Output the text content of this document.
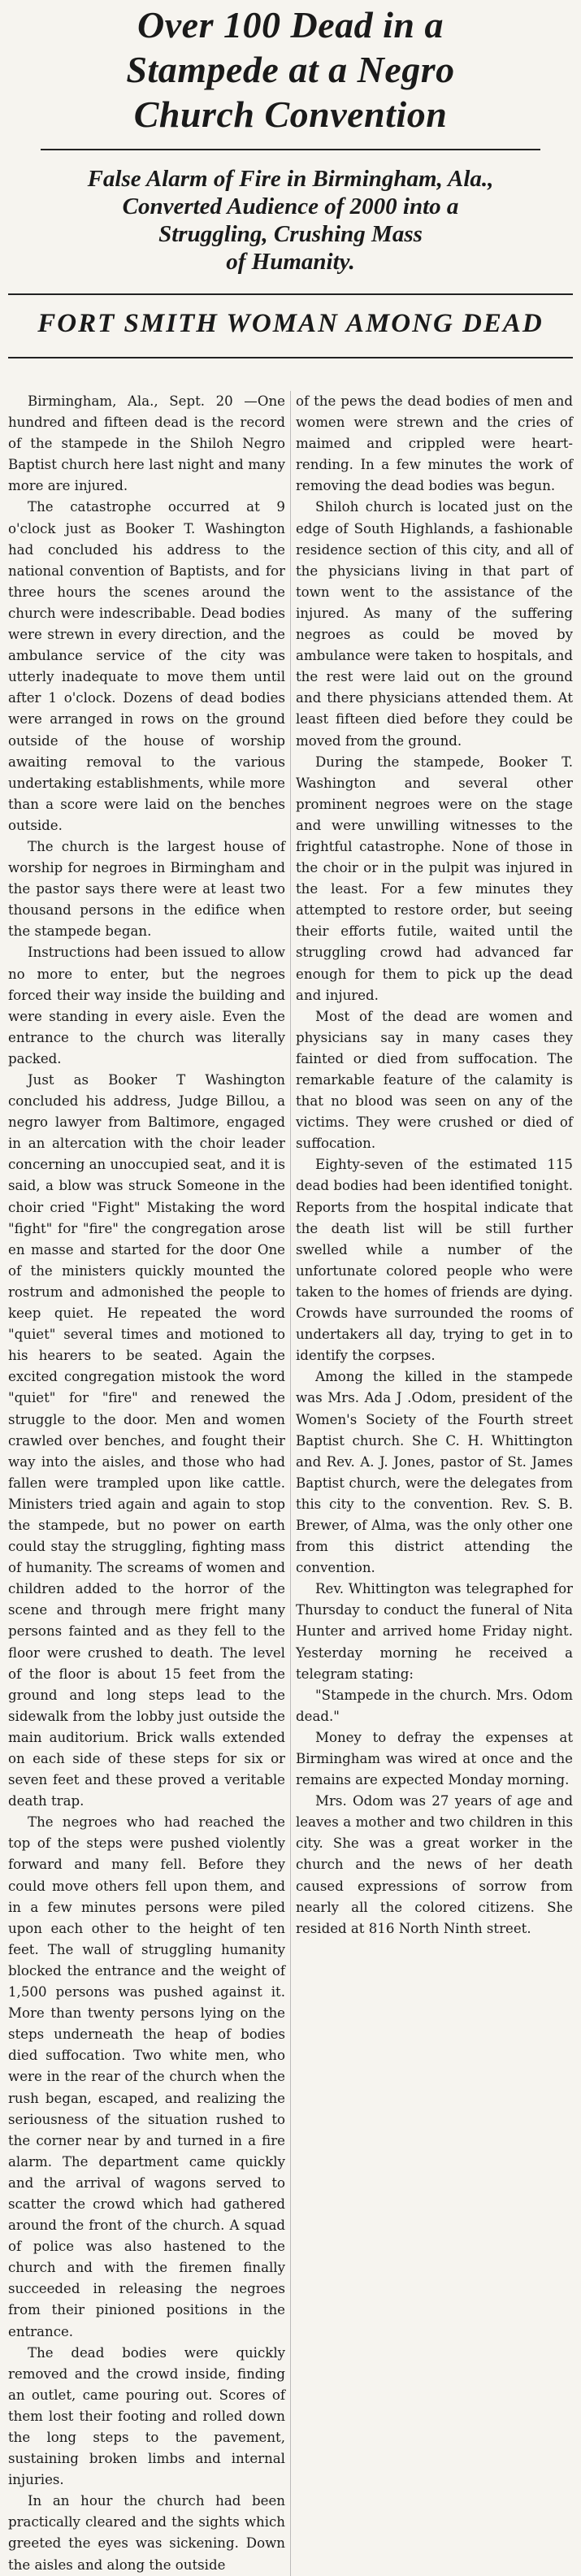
Over 100 Dead in a
Stampede at a Negro
Church Convention
False Alarm of Fire in Birmingham, Ala.,
Converted Audience of 2000 into a
Struggling, Crushing Mass
of Humanity.
FORT SMITH WOMAN AMONG DEAD

Birmingham, Ala., Sept. 20 —One hundred and fifteen dead is the record of the stampede in the Shiloh Negro Baptist church here last night and many more are injured.

The catastrophe occurred at 9 o'clock just as Booker T. Washington had concluded his address to the national convention of Baptists, and for three hours the scenes around the church were indescribable. Dead bodies were strewn in every direction, and the ambulance service of the city was utterly inadequate to move them until after 1 o'clock. Dozens of dead bodies were arranged in rows on the ground outside of the house of worship awaiting removal to the various undertaking establishments, while more than a score were laid on the benches outside.

The church is the largest house of worship for negroes in Birmingham and the pastor says there were at least two thousand persons in the edifice when the stampede began.

Instructions had been issued to allow no more to enter, but the negroes forced their way inside the building and were standing in every aisle. Even the entrance to the church was literally packed.

Just as Booker T Washington concluded his address, Judge Billou, a negro lawyer from Baltimore, engaged in an altercation with the choir leader concerning an unoccupied seat, and it is said, a blow was struck Someone in the choir cried "Fight" Mistaking the word "fight" for "fire" the congregation arose en masse and started for the door One of the ministers quickly mounted the rostrum and admonished the people to keep quiet. He repeated the word "quiet" several times and motioned to his hearers to be seated. Again the excited congregation mistook the word "quiet" for "fire" and renewed the struggle to the door. Men and women crawled over benches, and fought their way into the aisles, and those who had fallen were trampled upon like cattle. Ministers tried again and again to stop the stampede, but no power on earth could stay the struggling, fighting mass of humanity. The screams of women and children added to the horror of the scene and through mere fright many persons fainted and as they fell to the floor were crushed to death. The level of the floor is about 15 feet from the ground and long steps lead to the sidewalk from the lobby just outside the main auditorium. Brick walls extended on each side of these steps for six or seven feet and these proved a veritable death trap.

The negroes who had reached the top of the steps were pushed violently forward and many fell. Before they could move others fell upon them, and in a few minutes persons were piled upon each other to the height of ten feet. The wall of struggling humanity blocked the entrance and the weight of 1,500 persons was pushed against it. More than twenty persons lying on the steps underneath the heap of bodies died suffocation. Two white men, who were in the rear of the church when the rush began, escaped, and realizing the seriousness of the situation rushed to the corner near by and turned in a fire alarm. The department came quickly and the arrival of wagons served to scatter the crowd which had gathered around the front of the church. A squad of police was also hastened to the church and with the firemen finally succeeded in releasing the negroes from their pinioned positions in the entrance.

The dead bodies were quickly removed and the crowd inside, finding an outlet, came pouring out. Scores of them lost their footing and rolled down the long steps to the pavement, sustaining broken limbs and internal injuries.

In an hour the church had been practically cleared and the sights which greeted the eyes was sickening. Down the aisles and along the outside

of the pews the dead bodies of men and women were strewn and the cries of maimed and crippled were heart-rending. In a few minutes the work of removing the dead bodies was begun.

Shiloh church is located just on the edge of South Highlands, a fashionable residence section of this city, and all of the physicians living in that part of town went to the assistance of the injured. As many of the suffering negroes as could be moved by ambulance were taken to hospitals, and the rest were laid out on the ground and there physicians attended them. At least fifteen died before they could be moved from the ground.

During the stampede, Booker T. Washington and several other prominent negroes were on the stage and were unwilling witnesses to the frightful catastrophe. None of those in the choir or in the pulpit was injured in the least. For a few minutes they attempted to restore order, but seeing their efforts futile, waited until the struggling crowd had advanced far enough for them to pick up the dead and injured.

Most of the dead are women and physicians say in many cases they fainted or died from suffocation. The remarkable feature of the calamity is that no blood was seen on any of the victims. They were crushed or died of suffocation.

Eighty-seven of the estimated 115 dead bodies had been identified tonight. Reports from the hospital indicate that the death list will be still further swelled while a number of the unfortunate colored people who were taken to the homes of friends are dying. Crowds have surrounded the rooms of undertakers all day, trying to get in to identify the corpses.

Among the killed in the stampede was Mrs. Ada J .Odom, president of the Women's Society of the Fourth street Baptist church. She C. H. Whittington and Rev. A. J. Jones, pastor of St. James Baptist church, were the delegates from this city to the convention. Rev. S. B. Brewer, of Alma, was the only other one from this district attending the convention.

Rev. Whittington was telegraphed for Thursday to conduct the funeral of Nita Hunter and arrived home Friday night. Yesterday morning he received a telegram stating:

"Stampede in the church. Mrs. Odom dead."

Money to defray the expenses at Birmingham was wired at once and the remains are expected Monday morning.

Mrs. Odom was 27 years of age and leaves a mother and two children in this city. She was a great worker in the church and the news of her death caused expressions of sorrow from nearly all the colored citizens. She resided at 816 North Ninth street.
